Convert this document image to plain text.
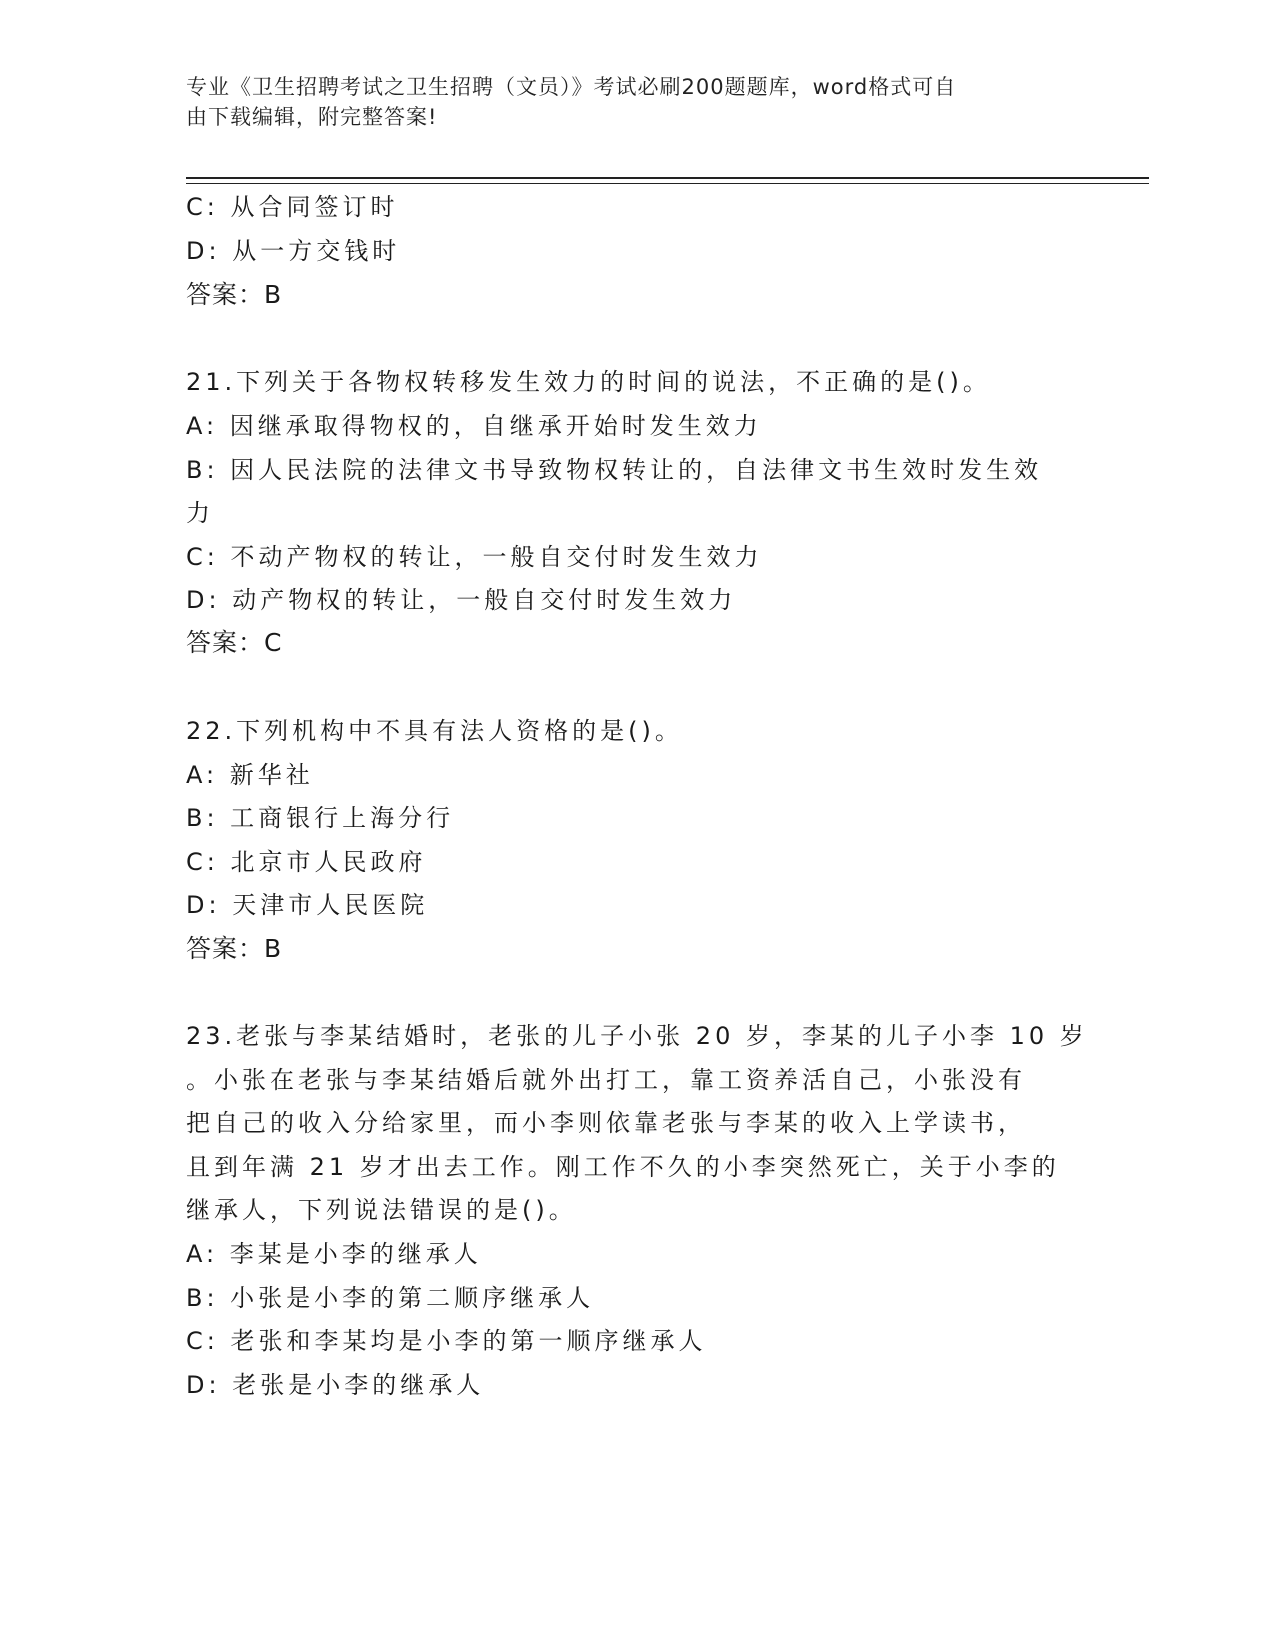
专业《卫生招聘考试之卫生招聘（文员）》考试必刷200题题库，word格式可自
由下载编辑，附完整答案!
C: 从合同签订时
D: 从一方交钱时
答案：B
21.下列关于各物权转移发生效力的时间的说法，不正确的是()。
A: 因继承取得物权的，自继承开始时发生效力
B: 因人民法院的法律文书导致物权转让的，自法律文书生效时发生效
力
C: 不动产物权的转让，一般自交付时发生效力
D: 动产物权的转让，一般自交付时发生效力
答案：C
22.下列机构中不具有法人资格的是()。
A: 新华社
B: 工商银行上海分行
C: 北京市人民政府
D: 天津市人民医院
答案：B
23.老张与李某结婚时，老张的儿子小张 20 岁，李某的儿子小李 10 岁
。小张在老张与李某结婚后就外出打工，靠工资养活自己，小张没有
把自己的收入分给家里，而小李则依靠老张与李某的收入上学读书，
且到年满 21 岁才出去工作。刚工作不久的小李突然死亡，关于小李的
继承人，下列说法错误的是()。
A: 李某是小李的继承人
B: 小张是小李的第二顺序继承人
C: 老张和李某均是小李的第一顺序继承人
D: 老张是小李的继承人
